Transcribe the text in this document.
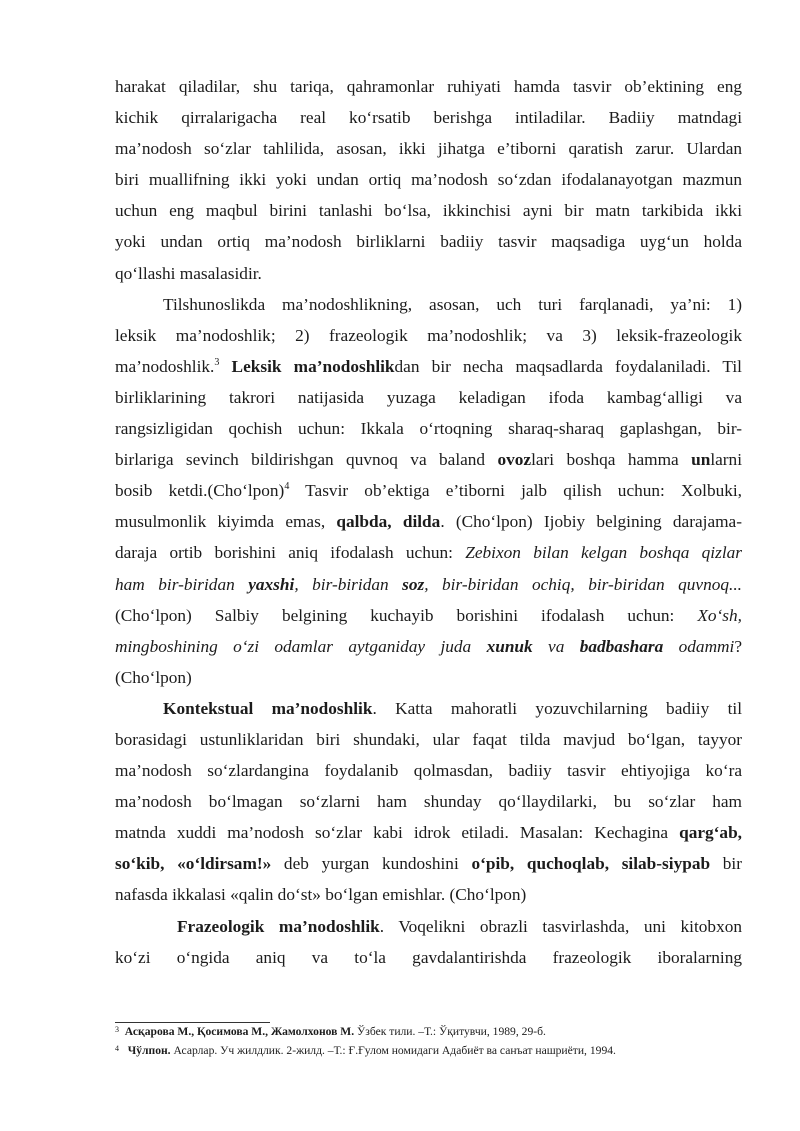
harakat qiladilar, shu tariqa, qahramonlar ruhiyati hamda tasvir ob’ektining eng
kichik qirralarigacha real ko‘rsatib berishga intiladilar. Badiiy matndagi
ma’nodosh so‘zlar tahlilida, asosan, ikki jihatga e’tiborni qaratish zarur. Ulardan
biri muallifning ikki yoki undan ortiq ma’nodosh so‘zdan ifodalanayotgan mazmun
uchun eng maqbul birini tanlashi bo‘lsa, ikkinchisi ayni bir matn tarkibida ikki
yoki undan ortiq ma’nodosh birliklarni badiiy tasvir maqsadiga uyg‘un holda
qo‘llashi masalasidir.
Tilshunoslikda ma’nodoshlikning, asosan, uch turi farqlanadi, ya’ni: 1)
leksik ma’nodoshlik; 2) frazeologik ma’nodoshlik; va 3) leksik-frazeologik
ma’nodoshlik.$^3$ Leksik ma’nodoshlikdan bir necha maqsadlarda foydalaniladi. Til
birliklarining takrori natijasida yuzaga keladigan ifoda kambag‘alligi va
rangsizligidan qochish uchun: Ikkala o‘rtoqning sharaq-sharaq gaplashgan, bir-
birlariga sevinch bildirishgan quvnoq va baland ovozlari boshqa hamma unlarni
bosib ketdi.(Cho‘lpon)$^4$ Tasvir ob’ektiga e’tiborni jalb qilish uchun: Xolbuki,
musulmonlik kiyimda emas, qalbda, dilda. (Cho‘lpon) Ijobiy belgining darajama-
daraja ortib borishini aniq ifodalash uchun: Zebixon bilan kelgan boshqa qizlar
ham bir-biridan yaxshi, bir-biridan soz, bir-biridan ochiq, bir-biridan quvnoq...
(Cho‘lpon) Salbiy belgining kuchayib borishini ifodalash uchun: Xo‘sh,
mingboshining o‘zi odamlar aytganiday juda xunuk va badbashara odammi?
(Cho‘lpon)
Kontekstual ma’nodoshlik. Katta mahoratli yozuvchilarning badiiy til
borasidagi ustunliklaridan biri shundaki, ular faqat tilda mavjud bo‘lgan, tayyor
ma’nodosh so‘zlardangina foydalanib qolmasdan, badiiy tasvir ehtiyojiga ko‘ra
ma’nodosh bo‘lmagan so‘zlarni ham shunday qo‘llaydilarki, bu so‘zlar ham
matnda xuddi ma’nodosh so‘zlar kabi idrok etiladi. Masalan: Kechagina qarg‘ab,
so‘kib, «o‘ldirsam!» deb yurgan kundoshini o‘pib, quchoqlab, silab-siypab bir
nafasda ikkalasi «qalin do‘st» bo‘lgan emishlar. (Cho‘lpon)
Frazeologik ma’nodoshlik. Voqelikni obrazli tasvirlashda, uni kitobxon
ko‘zi o‘ngida aniq va to‘la gavdalantirishda frazeologik iboralarning
$^3$ Асқарова М., Қосимова М., Жамолхонов М. Ўзбек тили. –Т.: Ўқитувчи, 1989, 29-б.
$^4$ Чўлпон. Асарлар. Уч жилдлик. 2-жилд. –Т.: Ғ.Ғулом номидаги Адабиёт ва санъат нашриёти, 1994.
